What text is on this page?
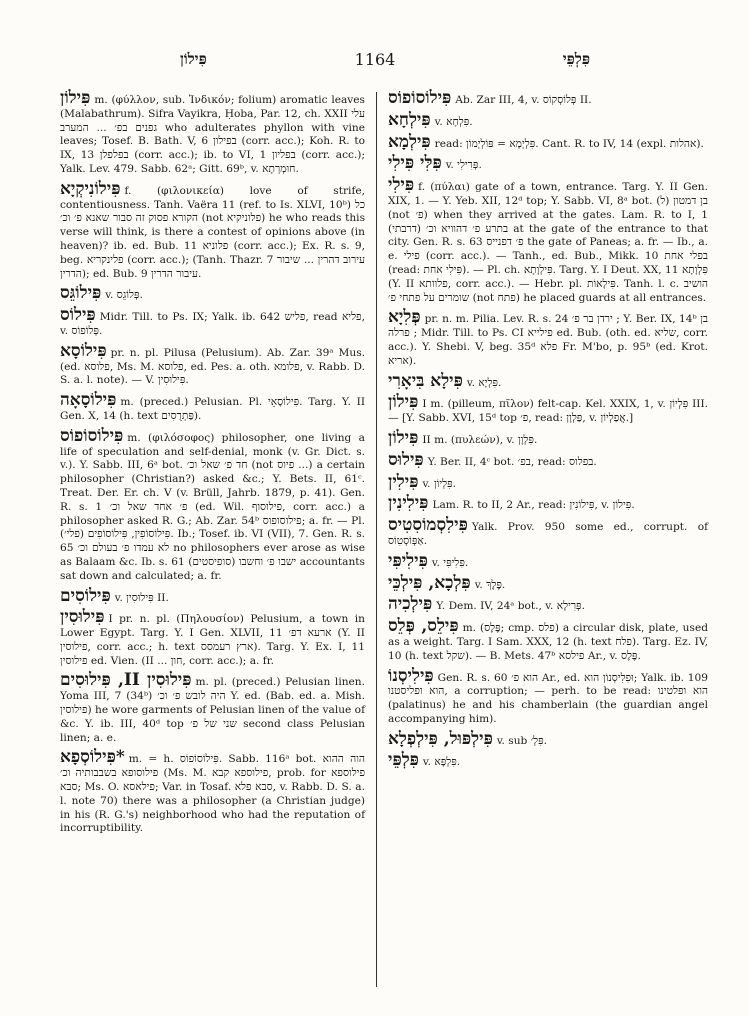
פִּילוֹן	1164	פִּלְפֵּי

פִּילוֹן m. (φύλλον, sub. Ἰνδικόν; folium) aromatic leaves (Malabathrum). Sifra Vayikra, Ḥoba, Par. 12, ch. XXII עלי גפנים בפ׳ ... המערב who adulterates phyllon with vine leaves; Tosef. B. Bath. V, 6 בפילון (corr. acc.); Koh. R. to IX, 13 בפלפלן (corr. acc.); ib. to VI, 1 בפליון (corr. acc.); Yalk. Lev. 479. Sabb. 62ᵃ; Gitt. 69ᵇ, v. חוּמְרְתָא.

פִּילוֹנִיקְיָא f. (φιλονικεία) love of strife, contentiousness. Tanh. Vaëra 11 (ref. to Is. XLVI, 10ᵇ) כל הקורא פסוק זה סבור שאנא פ׳ וכ׳ (not פלוניקיא) he who reads this verse will think, is there a contest of opinions above (in heaven)? ib. ed. Bub. 11 פלוניא (corr. acc.); Ex. R. s. 9, beg. פלינקריא (corr. acc.); (Tanh. Thazr. 7 עירוב דהרין ... שיבור הדרין); ed. Bub. 9 עיבור הדרין.

פִּילוֹגֵּס v. פְּלוֹגֵס.

פִּילוֹס Midr. Till. to Ps. IX; Yalk. ib. 642 פליש, read פליא, v. פְּלוֹפוֹס.

פִּילוֹסָא pr. n. pl. Pilusa (Pelusium). Ab. Zar. 39ᵃ Mus. (ed. פלוסא, Ms. M. פלוסא, ed. Pes. a. oth. פלומא, v. Rabb. D. S. a. l. note). — V. פִּילוּסִין.

פִּילוֹסָאָה m. (preced.) Pelusian. Pl. פִּילוֹסָאֵי. Targ. Y. II Gen. X, 14 (h. text פַּתְרֻסִים).

פִּילוֹסוֹפוֹס m. (φιλόσοφος) philosopher, one living a life of speculation and self-denial, monk (v. Gr. Dict. s. v.). Y. Sabb. III, 6ᵃ bot. חד פ׳ שאל וכ׳ (not פיוס ...) a certain philosopher (Christian?) asked &c.; Y. Bets. II, 61ᶜ. Treat. Der. Er. ch. V (v. Brüll, Jahrb. 1879, p. 41). Gen. R. s. 1 פ׳ אחד שאל וכ׳ (ed. Wil. פילוסוף, corr. acc.) a philosopher asked R. G.; Ab. Zar. 54ᵇ פילוסופוס; a. fr. — Pl. פִּילוֹסוֹפִין, פִּילוֹסוֹפִים (פלי׳). Ib.; Tosef. ib. VI (VII), 7. Gen. R. s. 65 לא עמדו פ׳ בעולם וכ׳ no philosophers ever arose as wise as Balaam &c. Ib. s. 61 ישבו פ׳ וחשבו (סופיסטים) accountants sat down and calculated; a. fr.

פִּילוֹסִים v. פִּילוּסִין II.

פִּילוּסִין I pr. n. pl. (Πηλουσίον) Pelusium, a town in Lower Egypt. Targ. Y. I Gen. XLVII, 11 ארעא דפ׳ (Y. II פילוסין, corr. acc.; h. text ארץ רעמסס). Targ. Y. Ex. I, 11 פילוסין ed. Vien. (II ... חון, corr. acc.); a. fr.

פִּילוּסִין II, פִּילוּסִים m. pl. (preced.) Pelusian linen. Yoma III, 7 (34ᵇ) היה לובש פ׳ וכ׳ Y. ed. (Bab. ed. a. Mish. פילוסין) he wore garments of Pelusian linen of the value of &c. Y. ib. III, 40ᵈ top שני של פ׳ second class Pelusian linen; a. e.

*פִּילוֹסְפָא m. = h. פִּילוֹסוֹפוֹס. Sabb. 116ᵃ bot. הוה ההוא פילוסופא בשבבותיה וכ׳ (Ms. M. פילוספא קבא, prob. for פילוספא סבא; Ms. O. פילאסא; Var. in Tosaf. סבא פלא, v. Rabb. D. S. a. l. note 70) there was a philosopher (a Christian judge) in his (R. G.'s) neighborhood who had the reputation of incorruptibility.

פִּילוֹסוֹפוֹס Ab. Zar III, 4, v. פְּלוֹסְקוֹס II.

פִּילְחָא v. פִּלְחָא.

פִּילְמָא read: פִּלְיְמָא = פּוֹלְיְמוֹן. Cant. R. to IV, 14 (expl. אהלות).

פִּלִּי פִּילִי v. פְּרִילִי.

פִּילִי f. (πύλαι) gate of a town, entrance. Targ. Y. II Gen. XIX, 1. — Y. Yeb. XII, 12ᵈ top; Y. Sabb. VI, 8ᵃ bot. בן דמטון (ל) (not פ׳) when they arrived at the gates. Lam. R. to I, 1 (דרבתי) בתרע פ׳ דהוויא וכ׳ at the gate of the entrance to that city. Gen. R. s. 63 פ׳ דפנייס the gate of Paneas; a. fr. — Ib., a. e. פילי (corr. acc.). — Tanh., ed. Bub., Mikk. 10 בפלי אחת (read: פִּילִי אחת). — Pl. ch. פִּילְוָתָא. Targ. Y. I Deut. XX, 11 פִּלְוָתָא (Y. II פלוותא, corr. acc.). — Hebr. pl. פִּילָאוֹת. Tanh. l. c. הושיב שומרים על פתחי פ׳ (not פתח) he placed guards at all entrances.

פְּלִיָא pr. n. m. Pilia. Lev. R. s. 24 ירדן בר פ׳ ; Y. Ber. IX, 14ᵇ בן פרלה ; Midr. Till. to Ps. CI פילייא ed. Bub. (oth. ed. שליא, corr. acc.). Y. Shebi. V, beg. 35ᵈ פלא Fr. M'bo, p. 95ᵇ (ed. Krot. אריא).

פִּילָא בִּיאָרִי v. פִּלְיָא.

פִּילוֹן I m. (pilleum, πῖλον) felt-cap. Kel. XXIX, 1, v. פִּלְיוֹן III. — [Y. Sabb. XVI, 15ᵈ top פ׳, read: פַּלְוָן, v. אֲפַלְיוֹן.]

פִּילוֹן II m. (πυλεών), v. פִּלְוָן.

פִּילוּס Y. Ber. II, 4ᶜ bot. בפ׳, read: בפלוס.

פִּילִין v. פִּלְיוֹן.

פִּילִינִין Lam. R. to II, 2 Ar., read: פִּילוֹנִין, v. פִּילוֹן.

פִּילִסְמוֹסִטִיס Yalk. Prov. 950 some ed., corrupt. of אַפְּוֹסְטִוֹס.

פִּילִיפִּי v. פִּלִיפִּי.

פִּלְכָא, פִּילְכֵּי v. פֶּלֶךְ.

פִּילְכִיה Y. Dem. IV, 24ᵃ bot., v. פְּרִילָא.

פִּילֵס, פְּלֵס m. (פֶּלֶס; cmp. פלס) a circular disk, plate, used as a weight. Targ. I Sam. XXX, 12 (h. text פלח). Targ. Ez. IV, 10 (h. text שקל). — B. Mets. 47ᵇ פילסא Ar., v. פֶּלֶס.

פִּילִיסְנוֹ Gen. R. s. 60 הוא פ׳ Ar., ed. וּפִלִיסְנוֹן הוא; Yalk. ib. 109 הוא ופליסטנו, a corruption; — perh. to be read: הוא ופלטינו (palatinus) he and his chamberlain (the guardian angel accompanying him).

פִּילְפּוּל, פִּילְפְלָא v. sub פִּלְ׳.

פִּלְפֵּי v. פִּלְפָּא.
